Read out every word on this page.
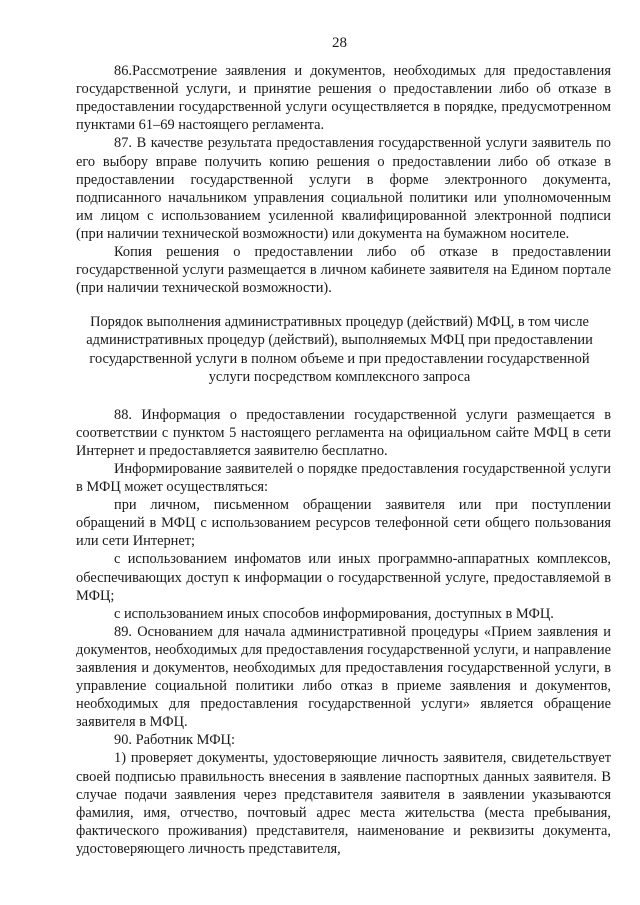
28

86.Рассмотрение заявления и документов, необходимых для предоставления государственной услуги, и принятие решения о предоставлении либо об отказе в предоставлении государственной услуги осуществляется в порядке, предусмотренном пунктами 61–69 настоящего регламента.

87. В качестве результата предоставления государственной услуги заявитель по его выбору вправе получить копию решения о предоставлении либо об отказе в предоставлении государственной услуги в форме электронного документа, подписанного начальником управления социальной политики или уполномоченным им лицом с использованием усиленной квалифицированной электронной подписи (при наличии технической возможности) или документа на бумажном носителе.

Копия решения о предоставлении либо об отказе в предоставлении государственной услуги размещается в личном кабинете заявителя на Едином портале (при наличии технической возможности).

Порядок выполнения административных процедур (действий) МФЦ, в том числе административных процедур (действий), выполняемых МФЦ при предоставлении государственной услуги в полном объеме и при предоставлении государственной услуги посредством комплексного запроса

88. Информация о предоставлении государственной услуги размещается в соответствии с пунктом 5 настоящего регламента на официальном сайте МФЦ в сети Интернет и предоставляется заявителю бесплатно.

Информирование заявителей о порядке предоставления государственной услуги в МФЦ может осуществляться:

при личном, письменном обращении заявителя или при поступлении обращений в МФЦ с использованием ресурсов телефонной сети общего пользования или сети Интернет;

с использованием инфоматов или иных программно-аппаратных комплексов, обеспечивающих доступ к информации о государственной услуге, предоставляемой в МФЦ;

с использованием иных способов информирования, доступных в МФЦ.

89. Основанием для начала административной процедуры «Прием заявления и документов, необходимых для предоставления государственной услуги, и направление заявления и документов, необходимых для предоставления государственной услуги, в управление социальной политики либо отказ в приеме заявления и документов, необходимых для предоставления государственной услуги» является обращение заявителя в МФЦ.

90. Работник МФЦ:

1) проверяет документы, удостоверяющие личность заявителя, свидетельствует своей подписью правильность внесения в заявление паспортных данных заявителя. В случае подачи заявления через представителя заявителя в заявлении указываются фамилия, имя, отчество, почтовый адрес места жительства (места пребывания, фактического проживания) представителя, наименование и реквизиты документа, удостоверяющего личность представителя,
